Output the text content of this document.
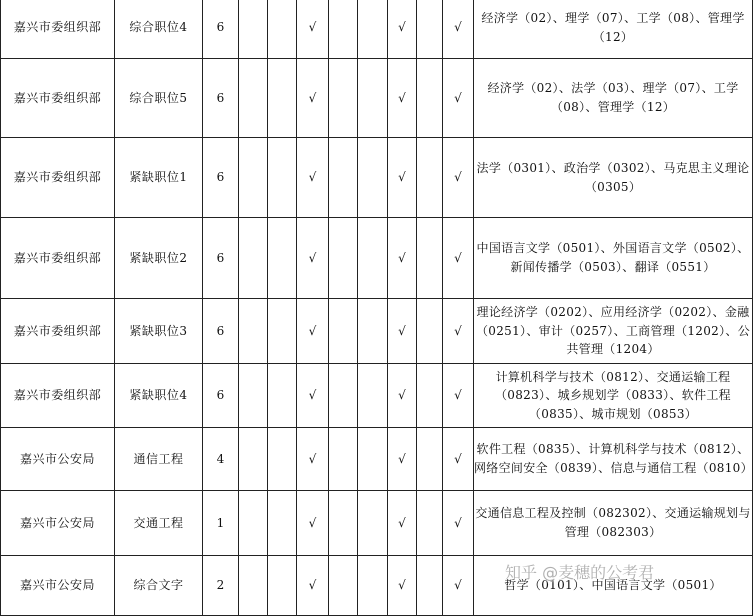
嘉兴市委组织部	综合职位4	6			√			√		√	经济学（02）、理学（07）、工学（08）、管理学（12）
嘉兴市委组织部	综合职位5	6			√			√		√	经济学（02）、法学（03）、理学（07）、工学（08）、管理学（12）
嘉兴市委组织部	紧缺职位1	6			√			√		√	法学（0301）、政治学（0302）、马克思主义理论（0305）
嘉兴市委组织部	紧缺职位2	6			√			√		√	中国语言文学（0501）、外国语言文学（0502）、新闻传播学（0503）、翻译（0551）
嘉兴市委组织部	紧缺职位3	6			√			√		√	理论经济学（0202）、应用经济学（0202）、金融（0251）、审计（0257）、工商管理（1202）、公共管理（1204）
嘉兴市委组织部	紧缺职位4	6			√			√		√	计算机科学与技术（0812）、交通运输工程（0823）、城乡规划学（0833）、软件工程（0835）、城市规划（0853）
嘉兴市公安局	通信工程	4			√			√		√	软件工程（0835）、计算机科学与技术（0812）、网络空间安全（0839）、信息与通信工程（0810）
嘉兴市公安局	交通工程	1			√			√		√	交通信息工程及控制（082302）、交通运输规划与管理（082303）
嘉兴市公安局	综合文字	2			√			√		√	哲学（0101）、中国语言文学（0501）
知乎 @麦穗的公考君
